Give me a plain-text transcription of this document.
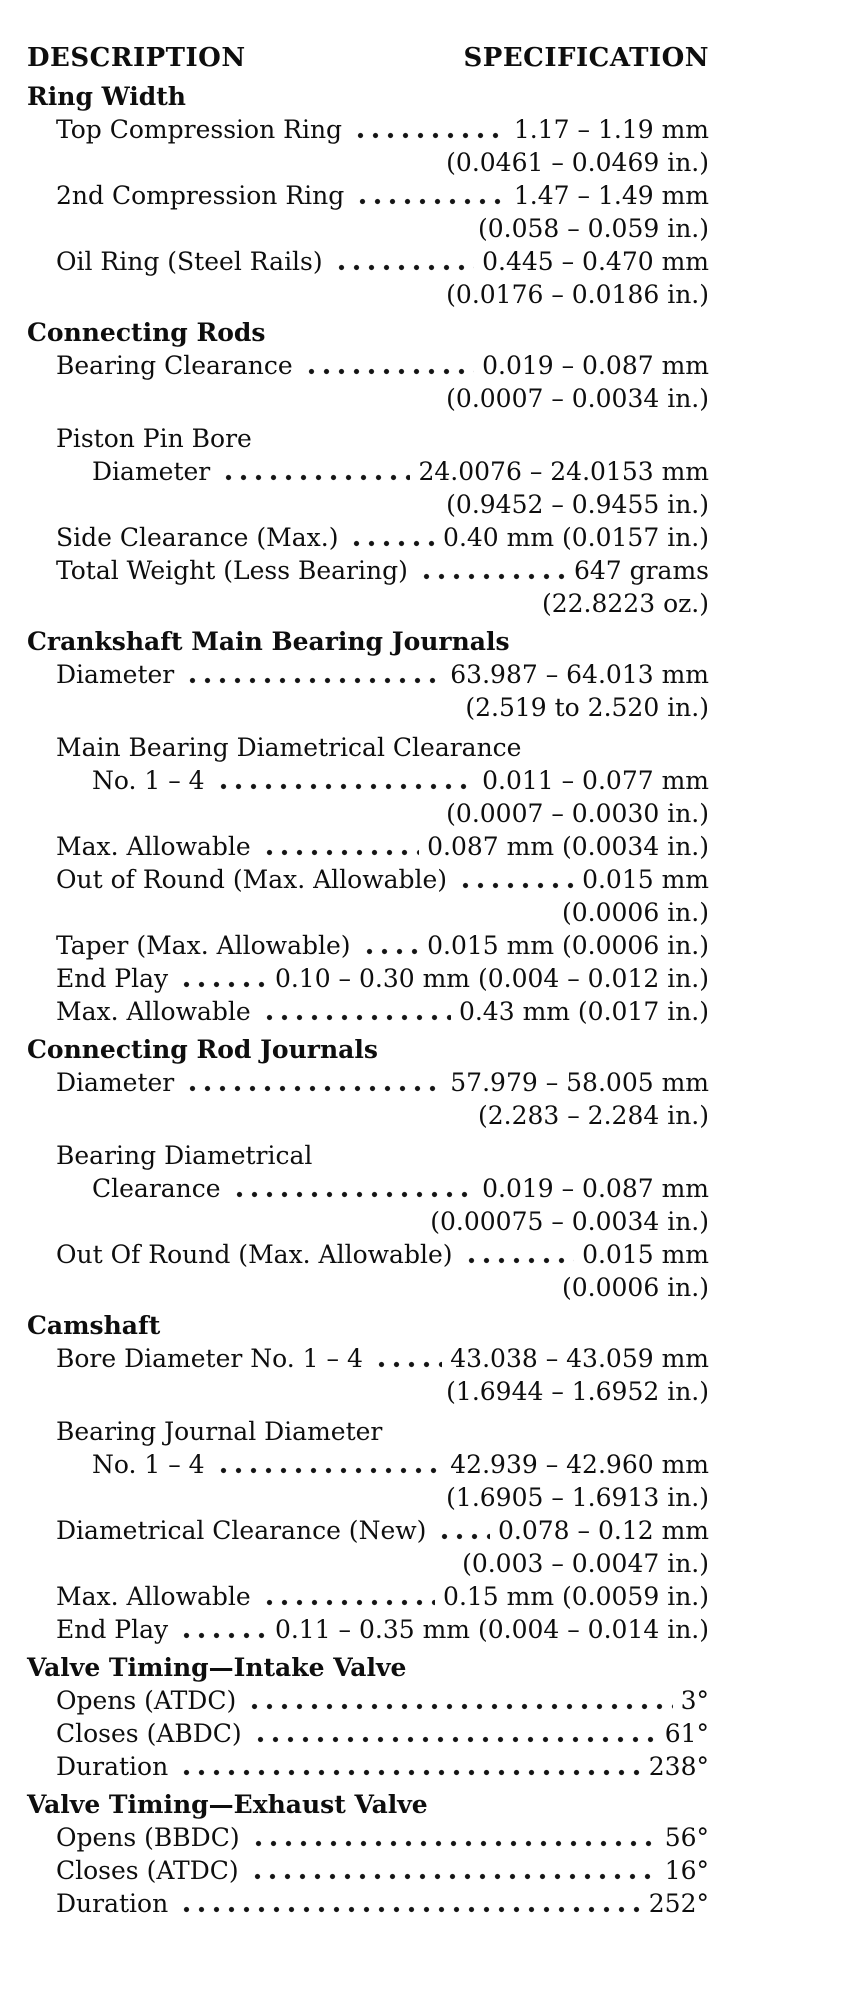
DESCRIPTION	SPECIFICATION
Ring Width
Top Compression Ring	1.17 – 1.19 mm
(0.0461 – 0.0469 in.)
2nd Compression Ring	1.47 – 1.49 mm
(0.058 – 0.059 in.)
Oil Ring (Steel Rails)	0.445 – 0.470 mm
(0.0176 – 0.0186 in.)
Connecting Rods
Bearing Clearance	0.019 – 0.087 mm
(0.0007 – 0.0034 in.)
Piston Pin Bore
Diameter	24.0076 – 24.0153 mm
(0.9452 – 0.9455 in.)
Side Clearance (Max.)	0.40 mm (0.0157 in.)
Total Weight (Less Bearing)	647 grams
(22.8223 oz.)
Crankshaft Main Bearing Journals
Diameter	63.987 – 64.013 mm
(2.519 to 2.520 in.)
Main Bearing Diametrical Clearance
No. 1 – 4	0.011 – 0.077 mm
(0.0007 – 0.0030 in.)
Max. Allowable	0.087 mm (0.0034 in.)
Out of Round (Max. Allowable)	0.015 mm
(0.0006 in.)
Taper (Max. Allowable)	0.015 mm (0.0006 in.)
End Play	0.10 – 0.30 mm (0.004 – 0.012 in.)
Max. Allowable	0.43 mm (0.017 in.)
Connecting Rod Journals
Diameter	57.979 – 58.005 mm
(2.283 – 2.284 in.)
Bearing Diametrical
Clearance	0.019 – 0.087 mm
(0.00075 – 0.0034 in.)
Out Of Round (Max. Allowable)	0.015 mm
(0.0006 in.)
Camshaft
Bore Diameter No. 1 – 4	43.038 – 43.059 mm
(1.6944 – 1.6952 in.)
Bearing Journal Diameter
No. 1 – 4	42.939 – 42.960 mm
(1.6905 – 1.6913 in.)
Diametrical Clearance (New)	0.078 – 0.12 mm
(0.003 – 0.0047 in.)
Max. Allowable	0.15 mm (0.0059 in.)
End Play	0.11 – 0.35 mm (0.004 – 0.014 in.)
Valve Timing—Intake Valve
Opens (ATDC)	3°
Closes (ABDC)	61°
Duration	238°
Valve Timing—Exhaust Valve
Opens (BBDC)	56°
Closes (ATDC)	16°
Duration	252°
